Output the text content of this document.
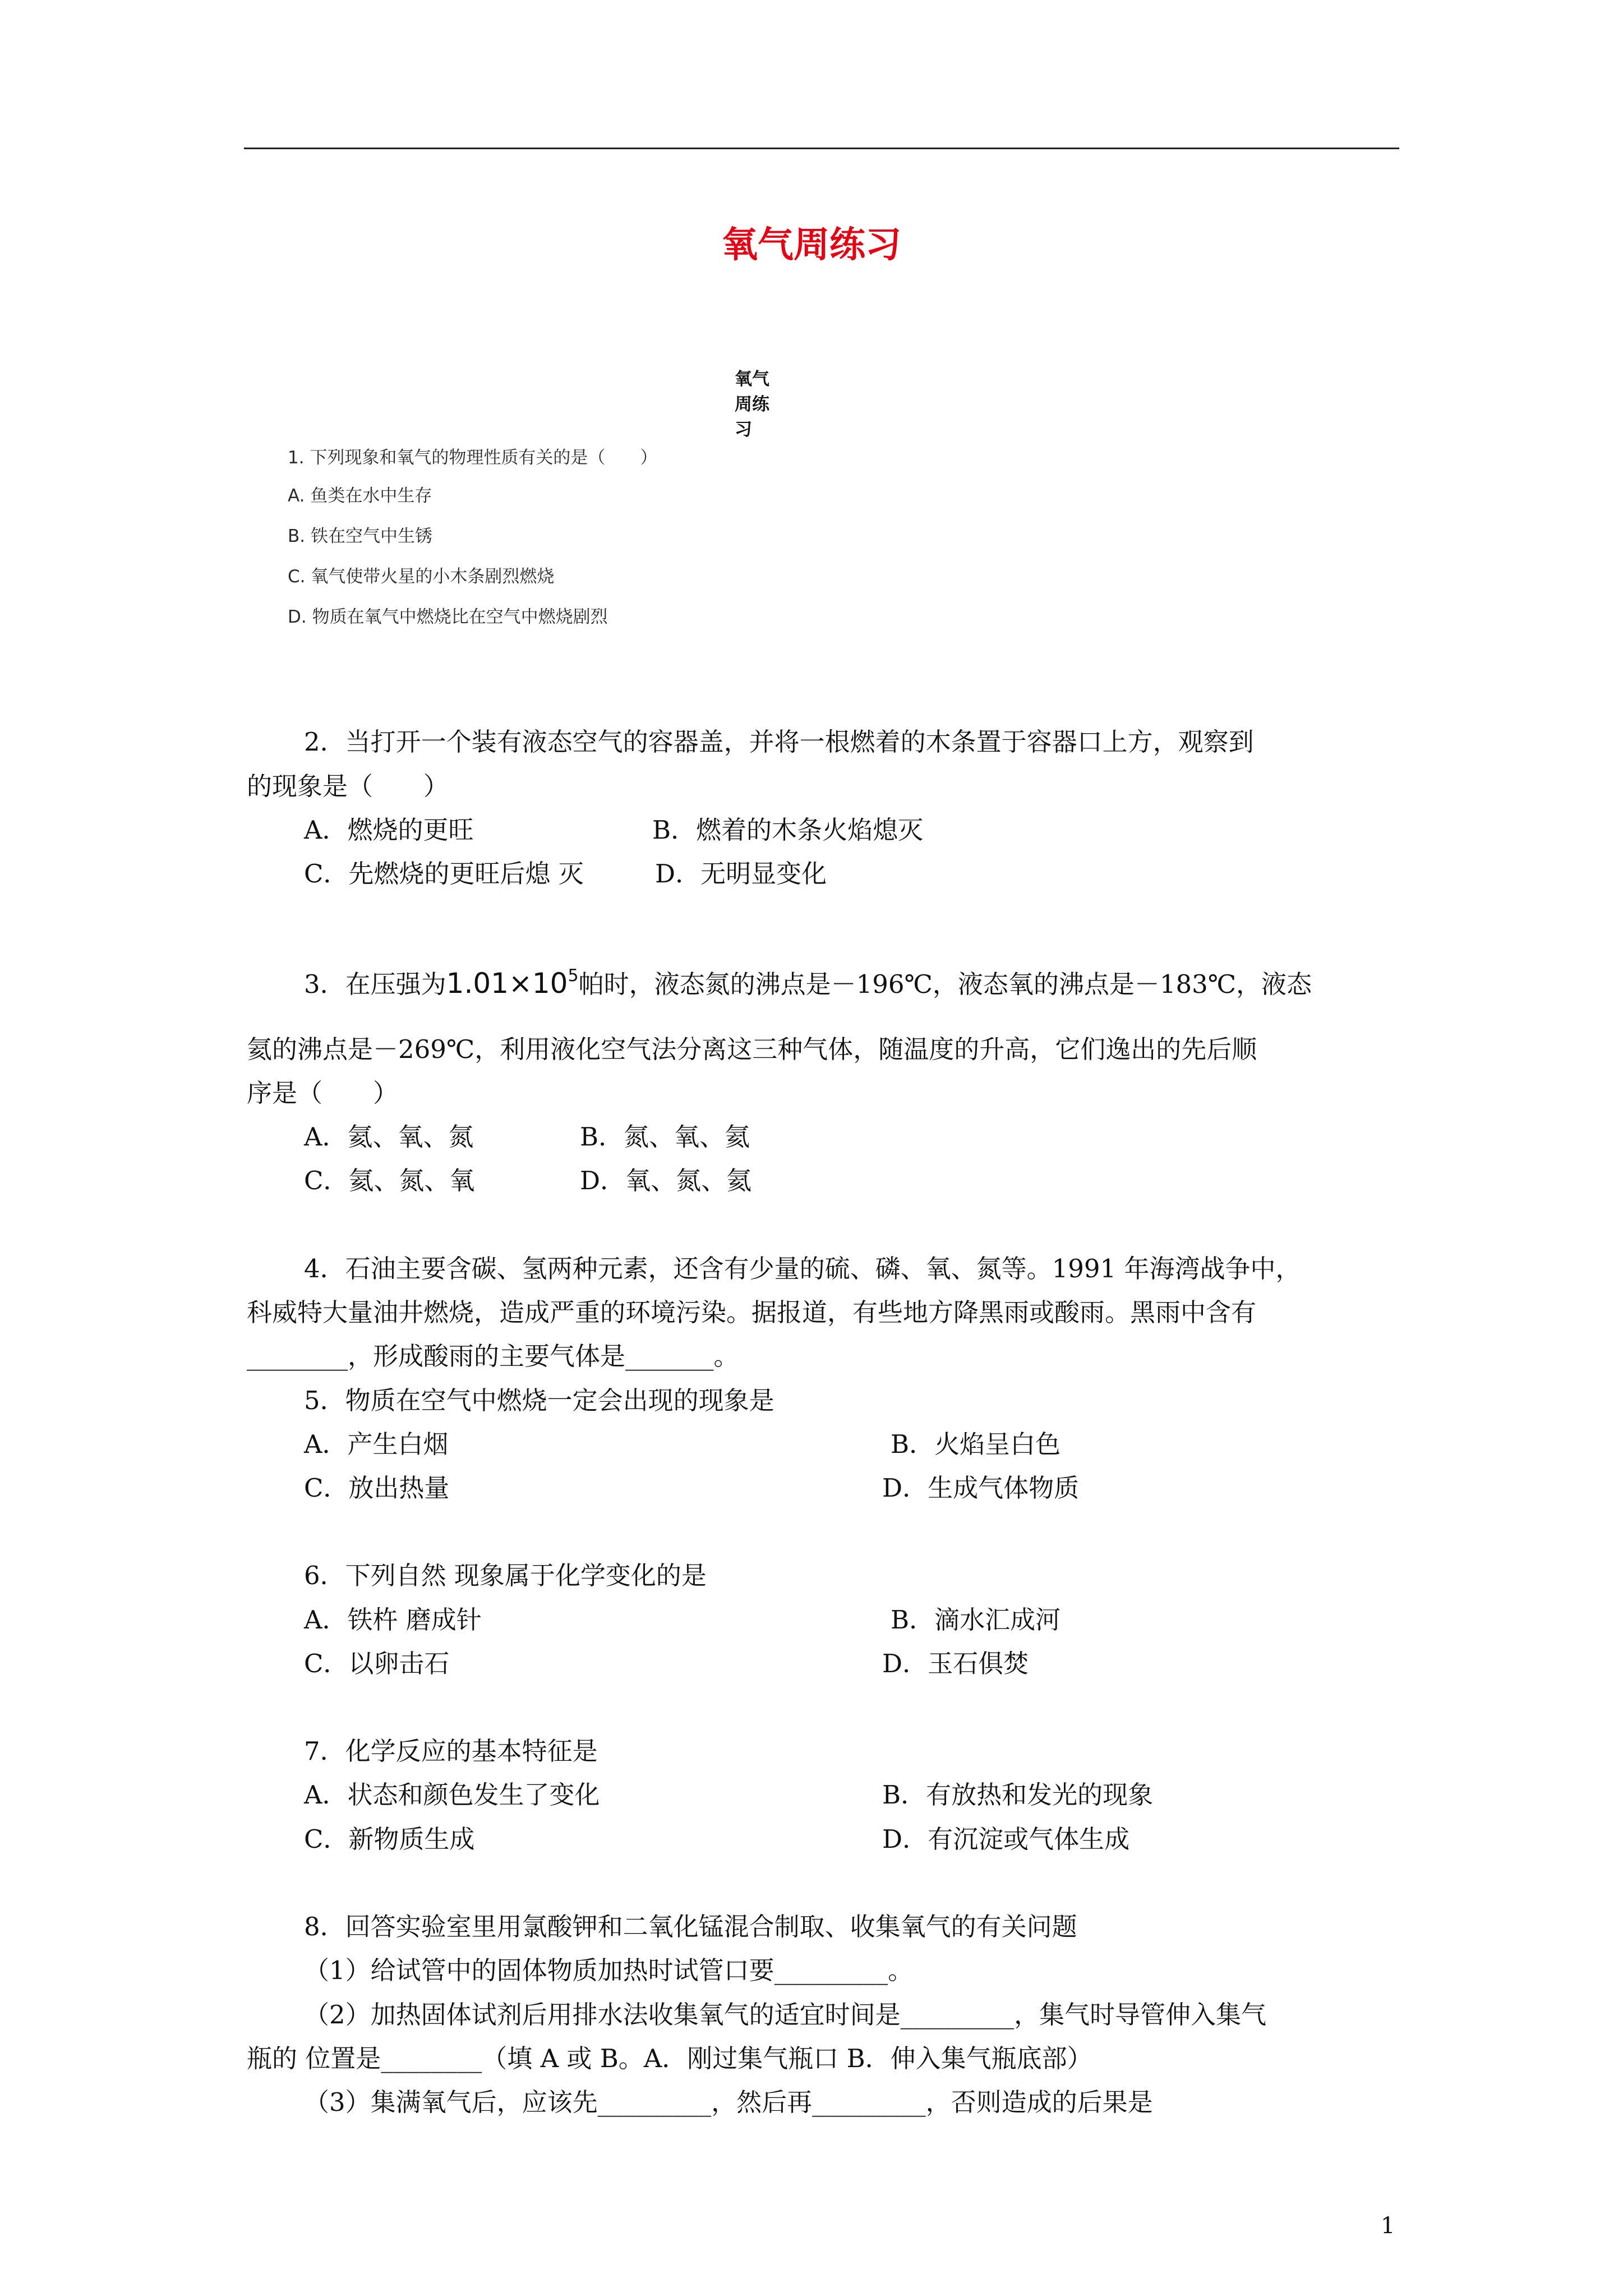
氧气周练习
氧气周练习
1. 下列现象和氧气的物理性质有关的是（　　）
A. 鱼类在水中生存
B. 铁在空气中生锈
C. 氧气使带火星的小木条剧烈燃烧
D. 物质在氧气中燃烧比在空气中燃烧剧烈
2．当打开一个装有液态空气的容器盖，并将一根燃着的木条置于容器口上方，观察到
的现象是（　　）
A．燃烧的更旺	B．燃着的木条火焰熄灭
C．先燃烧的更旺后熄 灭	D．无明显变化
3．在压强为$1.01\times 10^5$帕时，液态氮的沸点是－196℃，液态氧的沸点是－183℃，液态
氦的沸点是－269℃，利用液化空气法分离这三种气体，随温度的升高，它们逸出的先后顺
序是（　　）
A．氦、氧、氮	B．氮、氧、氦
C．氦、氮、氧	D．氧、氮、氦
4．石油主要含碳、氢两种元素，还含有少量的硫、磷、氧、氮等。1991 年海湾战争中，
科威特大量油井燃烧，造成严重的环境污染。据报道，有些地方降黑雨或酸雨。黑雨中含有
________，形成酸雨的主要气体是_______。
5．物质在空气中燃烧一定会出现的现象是
A．产生白烟	B．火焰呈白色
C．放出热量	D．生成气体物质
6．下列自然 现象属于化学变化的是
A．铁杵 磨成针	B．滴水汇成河
C．以卵击石	D．玉石俱焚
7．化学反应的基本特征是
A．状态和颜色发生了变化	B．有放热和发光的现象
C．新物质生成	D．有沉淀或气体生成
8．回答实验室里用氯酸钾和二氧化锰混合制取、收集氧气的有关问题
（1）给试管中的固体物质加热时试管口要_________。
（2）加热固体试剂后用排水法收集氧气的适宜时间是_________，集气时导管伸入集气
瓶的 位置是________（填 A 或 B。A．刚过集气瓶口 B．伸入集气瓶底部）
（3）集满氧气后，应该先_________，然后再_________，否则造成的后果是
1
